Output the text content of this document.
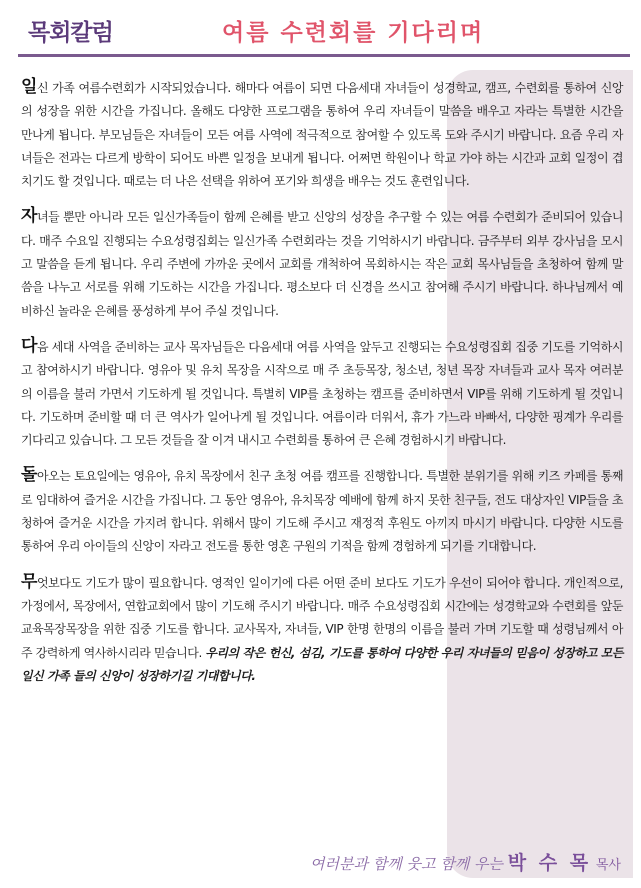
목회칼럼	여름 수련회를 기다리며

일신 가족 여름수련회가 시작되었습니다. 해마다 여름이 되면 다음세대 자녀들이 성경학교, 캠프, 수련회를 통하여 신앙의 성장을 위한 시간을 가집니다. 올해도 다양한 프로그램을 통하여 우리 자녀들이 말씀을 배우고 자라는 특별한 시간을 만나게 됩니다. 부모님들은 자녀들이 모든 여름 사역에 적극적으로 참여할 수 있도록 도와 주시기 바랍니다. 요즘 우리 자녀들은 전과는 다르게 방학이 되어도 바쁜 일정을 보내게 됩니다. 어쩌면 학원이나 학교 가야 하는 시간과 교회 일정이 겹치기도 할 것입니다. 때로는 더 나은 선택을 위하여 포기와 희생을 배우는 것도 훈련입니다.

자녀들 뿐만 아니라 모든 일신가족들이 함께 은혜를 받고 신앙의 성장을 추구할 수 있는 여름 수련회가 준비되어 있습니다. 매주 수요일 진행되는 수요성령집회는 일신가족 수련회라는 것을 기억하시기 바랍니다. 금주부터 외부 강사님을 모시고 말씀을 듣게 됩니다. 우리 주변에 가까운 곳에서 교회를 개척하여 목회하시는 작은 교회 목사님들을 초청하여 함께 말씀을 나누고 서로를 위해 기도하는 시간을 가집니다. 평소보다 더 신경을 쓰시고 참여해 주시기 바랍니다. 하나님께서 예비하신 놀라운 은혜를 풍성하게 부어 주실 것입니다.

다음 세대 사역을 준비하는 교사 목자님들은 다음세대 여름 사역을 앞두고 진행되는 수요성령집회 집중 기도를 기억하시고 참여하시기 바랍니다. 영유아 및 유치 목장을 시작으로 매 주 초등목장, 청소년, 청년 목장 자녀들과 교사 목자 여러분의 이름을 불러 가면서 기도하게 될 것입니다. 특별히 VIP를 초청하는 캠프를 준비하면서 VIP를 위해 기도하게 될 것입니다. 기도하며 준비할 때 더 큰 역사가 일어나게 될 것입니다. 여름이라 더워서, 휴가 가느라 바빠서, 다양한 핑계가 우리를 기다리고 있습니다. 그 모든 것들을 잘 이겨 내시고 수련회를 통하여 큰 은혜 경험하시기 바랍니다.

돌아오는 토요일에는 영유아, 유치 목장에서 친구 초청 여름 캠프를 진행합니다. 특별한 분위기를 위해 키즈 카페를 통째로 임대하여 즐거운 시간을 가집니다. 그 동안 영유아, 유치목장 예배에 함께 하지 못한 친구들, 전도 대상자인 VIP들을 초청하여 즐거운 시간을 가지려 합니다. 위해서 많이 기도해 주시고 재정적 후원도 아끼지 마시기 바랍니다. 다양한 시도를 통하여 우리 아이들의 신앙이 자라고 전도를 통한 영혼 구원의 기적을 함께 경험하게 되기를 기대합니다.

무엇보다도 기도가 많이 필요합니다. 영적인 일이기에 다른 어떤 준비 보다도 기도가 우선이 되어야 합니다. 개인적으로, 가정에서, 목장에서, 연합교회에서 많이 기도해 주시기 바랍니다. 매주 수요성령집회 시간에는 성경학교와 수련회를 앞둔 교육목장목장을 위한 집중 기도를 합니다. 교사목자, 자녀들, VIP 한명 한명의 이름을 불러 가며 기도할 때 성령님께서 아주 강력하게 역사하시리라 믿습니다. 우리의 작은 헌신, 섬김, 기도를 통하여 다양한 우리 자녀들의 믿음이 성장하고 모든 일신 가족 들의 신앙이 성장하기길 기대합니다.

여러분과 함께 웃고 함께 우는 박 수 목 목사
